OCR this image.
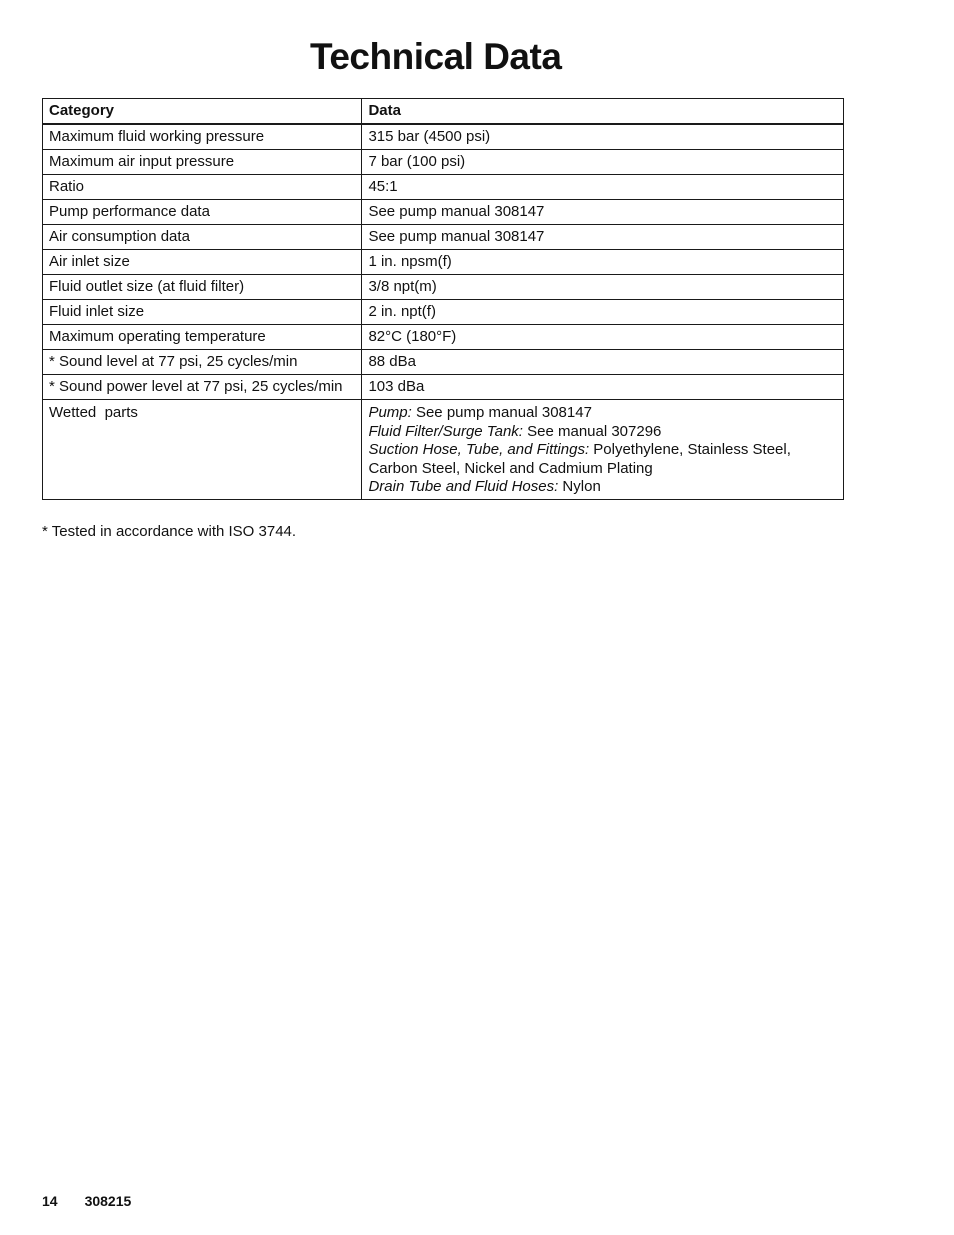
Technical Data
Category	Data
Maximum fluid working pressure	315 bar (4500 psi)
Maximum air input pressure	7 bar (100 psi)
Ratio	45:1
Pump performance data	See pump manual 308147
Air consumption data	See pump manual 308147
Air inlet size	1 in. npsm(f)
Fluid outlet size (at fluid filter)	3/8 npt(m)
Fluid inlet size	2 in. npt(f)
Maximum operating temperature	82°C (180°F)
* Sound level at 77 psi, 25 cycles/min	88 dBa
* Sound power level at 77 psi, 25 cycles/min	103 dBa
Wetted  parts	Pump: See pump manual 308147
Fluid Filter/Surge Tank: See manual 307296
Suction Hose, Tube, and Fittings: Polyethylene, Stainless Steel, Carbon Steel, Nickel and Cadmium Plating
Drain Tube and Fluid Hoses: Nylon

* Tested in accordance with ISO 3744.

14 308215
